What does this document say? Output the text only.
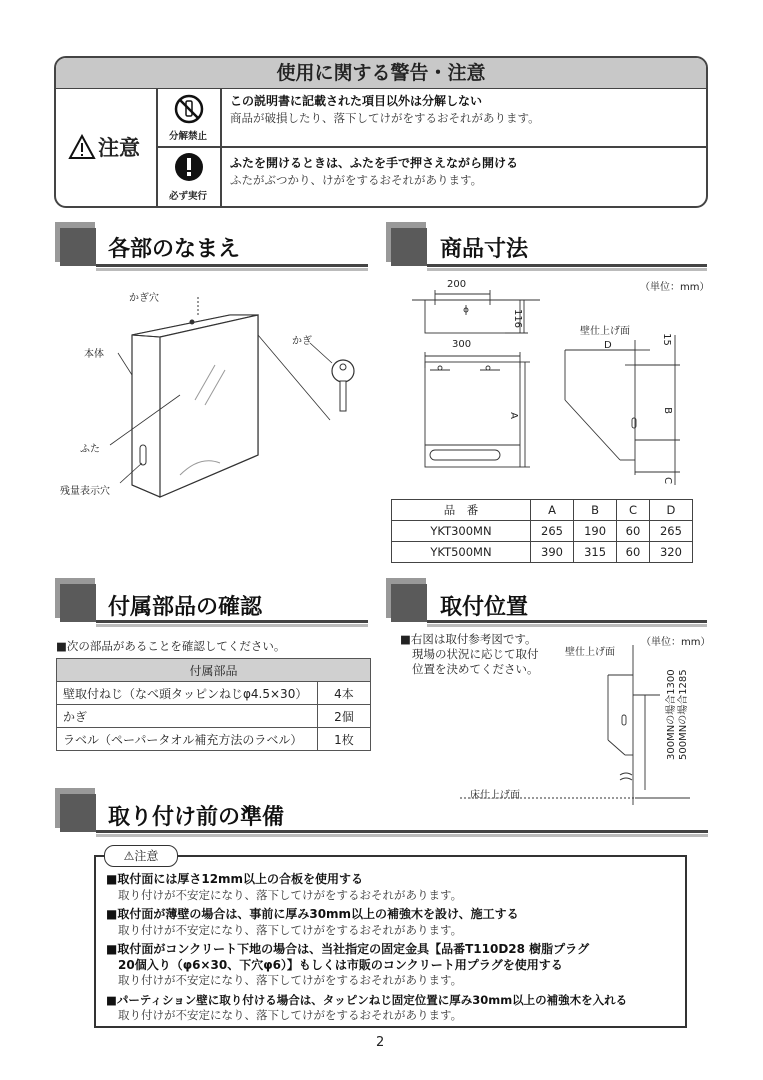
使用に関する警告・注意
注意	分解禁止
この説明書に記載された項目以外は分解しない
商品が破損したり、落下してけがをするおそれがあります。
必ず実行
ふたを開けるときは、ふたを手で押さえながら開ける
ふたがぶつかり、けがをするおそれがあります。
各部のなまえ	商品寸法
付属部品の確認	取付位置
取り付け前の準備
かぎ穴
本体
かぎ
ふた
残量表示穴
（単位：mm）
200
116
300
A
壁仕上げ面
D	15
B
C
品　番	A	B	C	D
YKT300MN	265	190	60	265
YKT500MN	390	315	60	320
■次の部品があることを確認してください。
付属部品	
壁取付ねじ（なべ頭タッピンねじφ4.5×30）	4本
かぎ	2個
ラベル（ペーパータオル補充方法のラベル）	1枚
■右図は取付参考図です。
現場の状況に応じて取付
位置を決めてください。
（単位：mm）
壁仕上げ面
300MNの場合1300 500MNの場合1285
床仕上げ面
⚠注意
■取付面には厚さ12mm以上の合板を使用する
取り付けが不安定になり、落下してけがをするおそれがあります。
■取付面が薄壁の場合は、事前に厚み30mm以上の補強木を設け、施工する
取り付けが不安定になり、落下してけがをするおそれがあります。
■取付面がコンクリート下地の場合は、当社指定の固定金具【品番T110D28 樹脂プラグ
20個入り（φ6×30、下穴φ6）】もしくは市販のコンクリート用プラグを使用する
取り付けが不安定になり、落下してけがをするおそれがあります。
■パーティション壁に取り付ける場合は、タッピンねじ固定位置に厚み30mm以上の補強木を入れる
取り付けが不安定になり、落下してけがをするおそれがあります。
2
